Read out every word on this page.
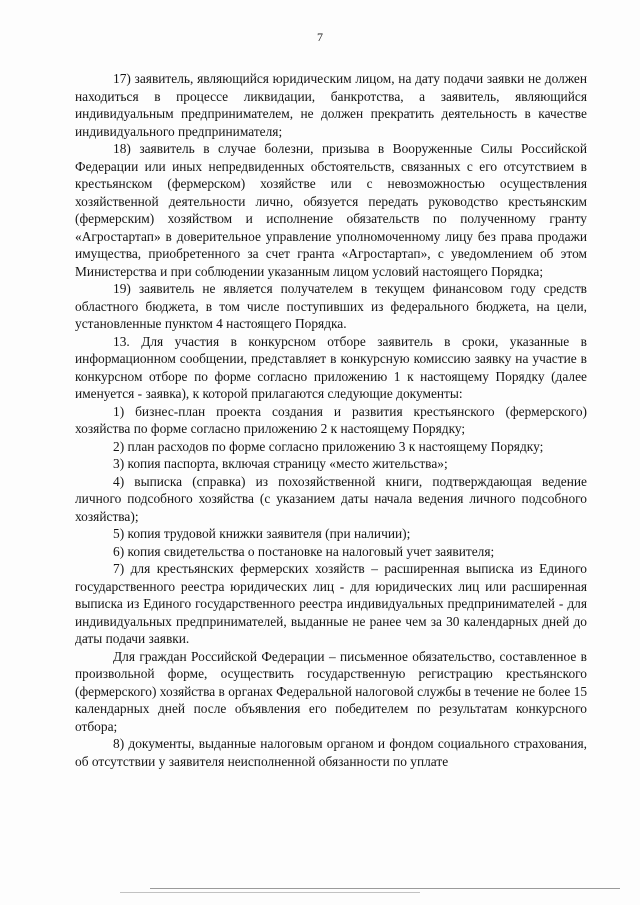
7

17) заявитель, являющийся юридическим лицом, на дату подачи заявки не должен находиться в процессе ликвидации, банкротства, а заявитель, являющийся индивидуальным предпринимателем, не должен прекратить деятельность в качестве индивидуального предпринимателя;

18) заявитель в случае болезни, призыва в Вооруженные Силы Российской Федерации или иных непредвиденных обстоятельств, связанных с его отсутствием в крестьянском (фермерском) хозяйстве или с невозможностью осуществления хозяйственной деятельности лично, обязуется передать руководство крестьянским (фермерским) хозяйством и исполнение обязательств по полученному гранту «Агростартап» в доверительное управление уполномоченному лицу без права продажи имущества, приобретенного за счет гранта «Агростартап», с уведомлением об этом Министерства и при соблюдении указанным лицом условий настоящего Порядка;

19) заявитель не является получателем в текущем финансовом году средств областного бюджета, в том числе поступивших из федерального бюджета, на цели, установленные пунктом 4 настоящего Порядка.

13. Для участия в конкурсном отборе заявитель в сроки, указанные в информационном сообщении, представляет в конкурсную комиссию заявку на участие в конкурсном отборе по форме согласно приложению 1 к настоящему Порядку (далее именуется - заявка), к которой прилагаются следующие документы:

1) бизнес-план проекта создания и развития крестьянского (фермерского) хозяйства по форме согласно приложению 2 к настоящему Порядку;

2) план расходов по форме согласно приложению 3 к настоящему Порядку;

3) копия паспорта, включая страницу «место жительства»;

4) выписка (справка) из похозяйственной книги, подтверждающая ведение личного подсобного хозяйства (с указанием даты начала ведения личного подсобного хозяйства);

5) копия трудовой книжки заявителя (при наличии);

6) копия свидетельства о постановке на налоговый учет заявителя;

7) для крестьянских фермерских хозяйств – расширенная выписка из Единого государственного реестра юридических лиц - для юридических лиц или расширенная выписка из Единого государственного реестра индивидуальных предпринимателей - для индивидуальных предпринимателей, выданные не ранее чем за 30 календарных дней до даты подачи заявки.

Для граждан Российской Федерации – письменное обязательство, составленное в произвольной форме, осуществить государственную регистрацию крестьянского (фермерского) хозяйства в органах Федеральной налоговой службы в течение не более 15 календарных дней после объявления его победителем по результатам конкурсного отбора;

8) документы, выданные налоговым органом и фондом социального страхования, об отсутствии у заявителя неисполненной обязанности по уплате
